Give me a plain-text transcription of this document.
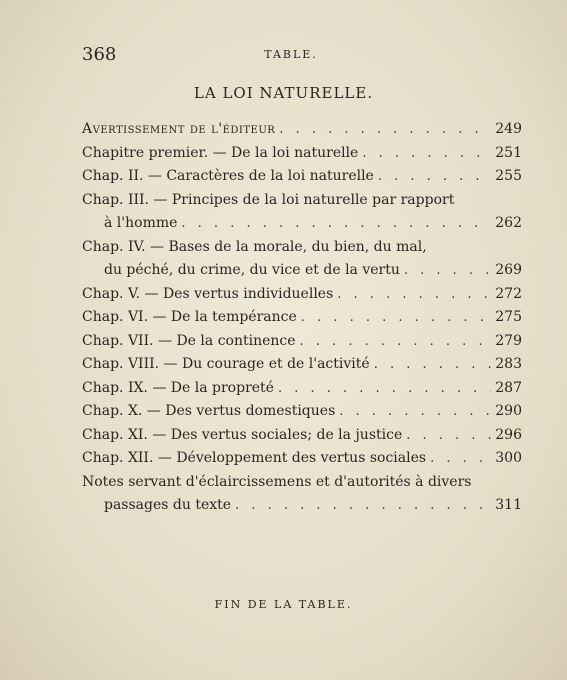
368	TABLE.
LA LOI NATURELLE.
Avertissement de l'éditeur . . .	249
Chapitre premier. — De la loi naturelle . . .	251
Chap. II. — Caractères de la loi naturelle . . .	255
Chap. III. — Principes de la loi naturelle par rapport
à l'homme . . .	262
Chap. IV. — Bases de la morale, du bien, du mal,
du péché, du crime, du vice et de la vertu . . .	269
Chap. V. — Des vertus individuelles . . .	272
Chap. VI. — De la tempérance . . .	275
Chap. VII. — De la continence . . .	279
Chap. VIII. — Du courage et de l'activité . . .	283
Chap. IX. — De la propreté . . .	287
Chap. X. — Des vertus domestiques . . .	290
Chap. XI. — Des vertus sociales; de la justice . . .	296
Chap. XII. — Développement des vertus sociales . . .	300
Notes servant d'éclaircissemens et d'autorités à divers
passages du texte . . .	311
FIN DE LA TABLE.
